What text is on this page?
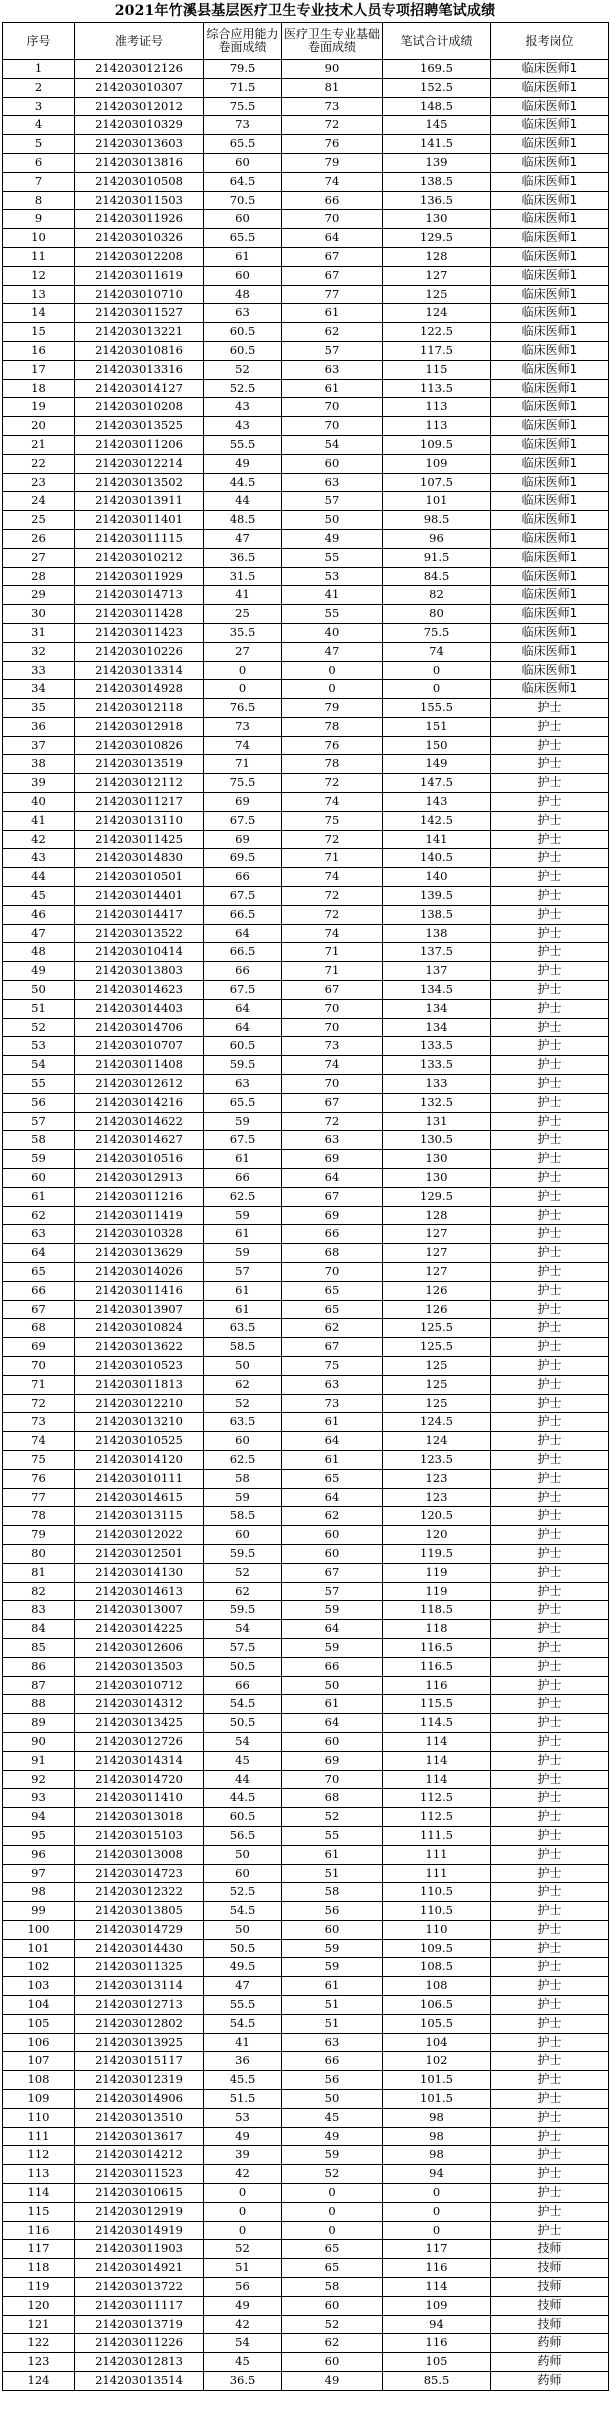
2021年竹溪县基层医疗卫生专业技术人员专项招聘笔试成绩
序号	准考证号	综合应用能力卷面成绩	医疗卫生专业基础卷面成绩	笔试合计成绩	报考岗位
1	214203012126	79.5	90	169.5	临床医师1
2	214203010307	71.5	81	152.5	临床医师1
3	214203012012	75.5	73	148.5	临床医师1
4	214203010329	73	72	145	临床医师1
5	214203013603	65.5	76	141.5	临床医师1
6	214203013816	60	79	139	临床医师1
7	214203010508	64.5	74	138.5	临床医师1
8	214203011503	70.5	66	136.5	临床医师1
9	214203011926	60	70	130	临床医师1
10	214203010326	65.5	64	129.5	临床医师1
11	214203012208	61	67	128	临床医师1
12	214203011619	60	67	127	临床医师1
13	214203010710	48	77	125	临床医师1
14	214203011527	63	61	124	临床医师1
15	214203013221	60.5	62	122.5	临床医师1
16	214203010816	60.5	57	117.5	临床医师1
17	214203013316	52	63	115	临床医师1
18	214203014127	52.5	61	113.5	临床医师1
19	214203010208	43	70	113	临床医师1
20	214203013525	43	70	113	临床医师1
21	214203011206	55.5	54	109.5	临床医师1
22	214203012214	49	60	109	临床医师1
23	214203013502	44.5	63	107.5	临床医师1
24	214203013911	44	57	101	临床医师1
25	214203011401	48.5	50	98.5	临床医师1
26	214203011115	47	49	96	临床医师1
27	214203010212	36.5	55	91.5	临床医师1
28	214203011929	31.5	53	84.5	临床医师1
29	214203014713	41	41	82	临床医师1
30	214203011428	25	55	80	临床医师1
31	214203011423	35.5	40	75.5	临床医师1
32	214203010226	27	47	74	临床医师1
33	214203013314	0	0	0	临床医师1
34	214203014928	0	0	0	临床医师1
35	214203012118	76.5	79	155.5	护士
36	214203012918	73	78	151	护士
37	214203010826	74	76	150	护士
38	214203013519	71	78	149	护士
39	214203012112	75.5	72	147.5	护士
40	214203011217	69	74	143	护士
41	214203013110	67.5	75	142.5	护士
42	214203011425	69	72	141	护士
43	214203014830	69.5	71	140.5	护士
44	214203010501	66	74	140	护士
45	214203014401	67.5	72	139.5	护士
46	214203014417	66.5	72	138.5	护士
47	214203013522	64	74	138	护士
48	214203010414	66.5	71	137.5	护士
49	214203013803	66	71	137	护士
50	214203014623	67.5	67	134.5	护士
51	214203014403	64	70	134	护士
52	214203014706	64	70	134	护士
53	214203010707	60.5	73	133.5	护士
54	214203011408	59.5	74	133.5	护士
55	214203012612	63	70	133	护士
56	214203014216	65.5	67	132.5	护士
57	214203014622	59	72	131	护士
58	214203014627	67.5	63	130.5	护士
59	214203010516	61	69	130	护士
60	214203012913	66	64	130	护士
61	214203011216	62.5	67	129.5	护士
62	214203011419	59	69	128	护士
63	214203010328	61	66	127	护士
64	214203013629	59	68	127	护士
65	214203014026	57	70	127	护士
66	214203011416	61	65	126	护士
67	214203013907	61	65	126	护士
68	214203010824	63.5	62	125.5	护士
69	214203013622	58.5	67	125.5	护士
70	214203010523	50	75	125	护士
71	214203011813	62	63	125	护士
72	214203012210	52	73	125	护士
73	214203013210	63.5	61	124.5	护士
74	214203010525	60	64	124	护士
75	214203014120	62.5	61	123.5	护士
76	214203010111	58	65	123	护士
77	214203014615	59	64	123	护士
78	214203013115	58.5	62	120.5	护士
79	214203012022	60	60	120	护士
80	214203012501	59.5	60	119.5	护士
81	214203014130	52	67	119	护士
82	214203014613	62	57	119	护士
83	214203013007	59.5	59	118.5	护士
84	214203014225	54	64	118	护士
85	214203012606	57.5	59	116.5	护士
86	214203013503	50.5	66	116.5	护士
87	214203010712	66	50	116	护士
88	214203014312	54.5	61	115.5	护士
89	214203013425	50.5	64	114.5	护士
90	214203012726	54	60	114	护士
91	214203014314	45	69	114	护士
92	214203014720	44	70	114	护士
93	214203011410	44.5	68	112.5	护士
94	214203013018	60.5	52	112.5	护士
95	214203015103	56.5	55	111.5	护士
96	214203013008	50	61	111	护士
97	214203014723	60	51	111	护士
98	214203012322	52.5	58	110.5	护士
99	214203013805	54.5	56	110.5	护士
100	214203014729	50	60	110	护士
101	214203014430	50.5	59	109.5	护士
102	214203011325	49.5	59	108.5	护士
103	214203013114	47	61	108	护士
104	214203012713	55.5	51	106.5	护士
105	214203012802	54.5	51	105.5	护士
106	214203013925	41	63	104	护士
107	214203015117	36	66	102	护士
108	214203012319	45.5	56	101.5	护士
109	214203014906	51.5	50	101.5	护士
110	214203013510	53	45	98	护士
111	214203013617	49	49	98	护士
112	214203014212	39	59	98	护士
113	214203011523	42	52	94	护士
114	214203010615	0	0	0	护士
115	214203012919	0	0	0	护士
116	214203014919	0	0	0	护士
117	214203011903	52	65	117	技师
118	214203014921	51	65	116	技师
119	214203013722	56	58	114	技师
120	214203011117	49	60	109	技师
121	214203013719	42	52	94	技师
122	214203011226	54	62	116	药师
123	214203012813	45	60	105	药师
124	214203013514	36.5	49	85.5	药师
